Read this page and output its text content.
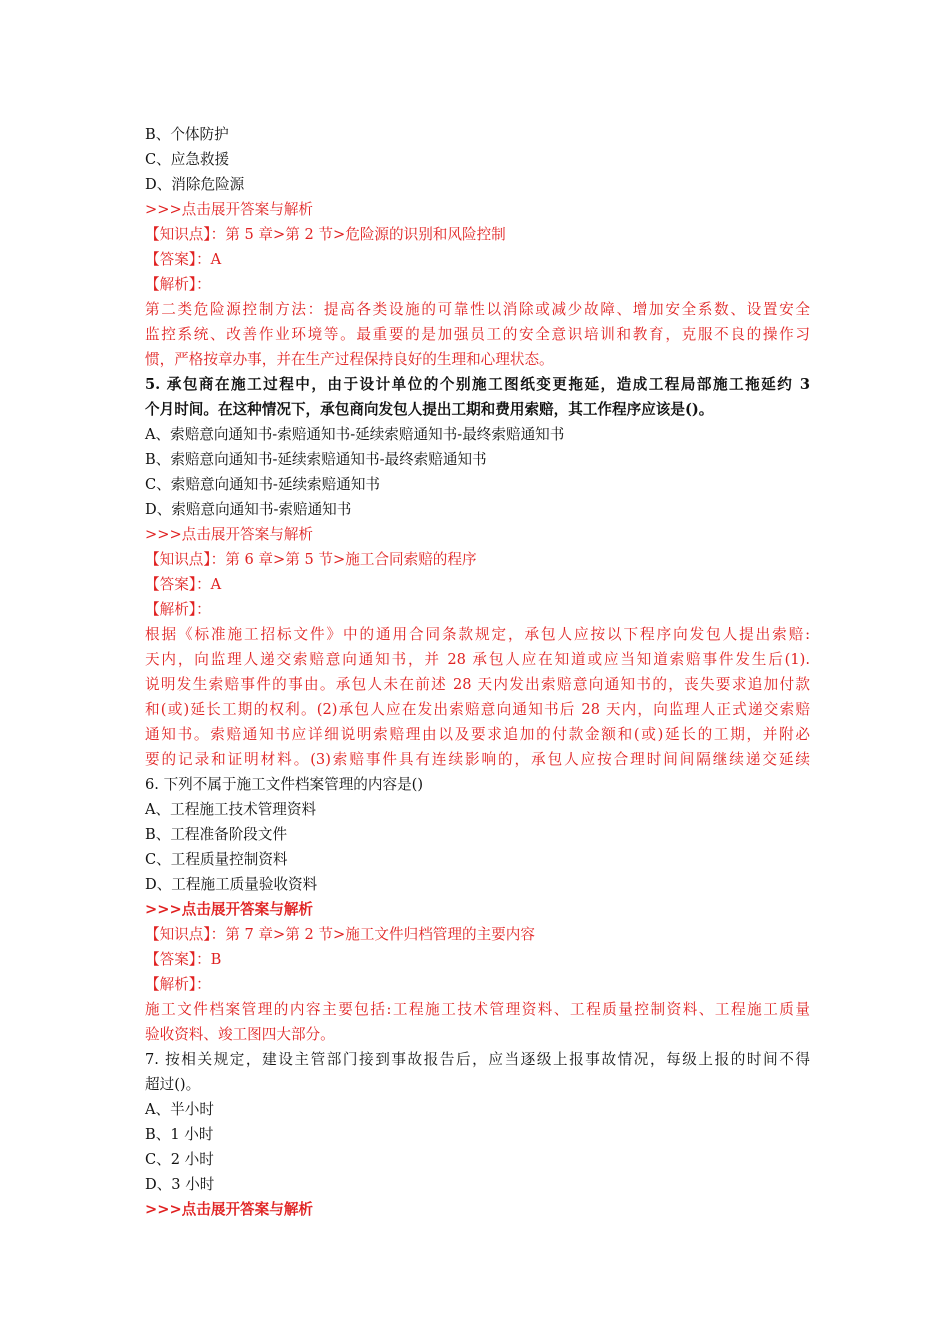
B、个体防护
C、应急救援
D、消除危险源
>>>点击展开答案与解析
【知识点】：第 5 章>第 2 节>危险源的识别和风险控制
【答案】：A
【解析】：
第二类危险源控制方法：提高各类设施的可靠性以消除或减少故障、增加安全系数、设置安全
监控系统、改善作业环境等。最重要的是加强员工的安全意识培训和教育，克服不良的操作习
惯，严格按章办事，并在生产过程保持良好的生理和心理状态。
5. 承包商在施工过程中，由于设计单位的个别施工图纸变更拖延，造成工程局部施工拖延约 3
个月时间。在这种情况下，承包商向发包人提出工期和费用索赔，其工作程序应该是()。
A、索赔意向通知书-索赔通知书-延续索赔通知书-最终索赔通知书
B、索赔意向通知书-延续索赔通知书-最终索赔通知书
C、索赔意向通知书-延续索赔通知书
D、索赔意向通知书-索赔通知书
>>>点击展开答案与解析
【知识点】：第 6 章>第 5 节>施工合同索赔的程序
【答案】：A
【解析】：
根据《标准施工招标文件》中的通用合同条款规定，承包人应按以下程序向发包人提出索赔:
天内，向监理人递交索赔意向通知书，并 28 承包人应在知道或应当知道索赔事件发生后(1).
说明发生索赔事件的事由。承包人未在前述 28 天内发出索赔意向通知书的，丧失要求追加付款
和(或)延长工期的权利。(2)承包人应在发出索赔意向通知书后 28 天内，向监理人正式递交索赔
通知书。索赔通知书应详细说明索赔理由以及要求追加的付款金额和(或)延长的工期，并附必
要的记录和证明材料。(3)索赔事件具有连续影响的，承包人应按合理时间间隔继续递交延续
6. 下列不属于施工文件档案管理的内容是()
A、工程施工技术管理资料
B、工程准备阶段文件
C、工程质量控制资料
D、工程施工质量验收资料
>>>点击展开答案与解析
【知识点】：第 7 章>第 2 节>施工文件归档管理的主要内容
【答案】：B
【解析】：
施工文件档案管理的内容主要包括:工程施工技术管理资料、工程质量控制资料、工程施工质量
验收资料、竣工图四大部分。
7. 按相关规定，建设主管部门接到事故报告后，应当逐级上报事故情况，每级上报的时间不得
超过()。
A、半小时
B、1 小时
C、2 小时
D、3 小时
>>>点击展开答案与解析
